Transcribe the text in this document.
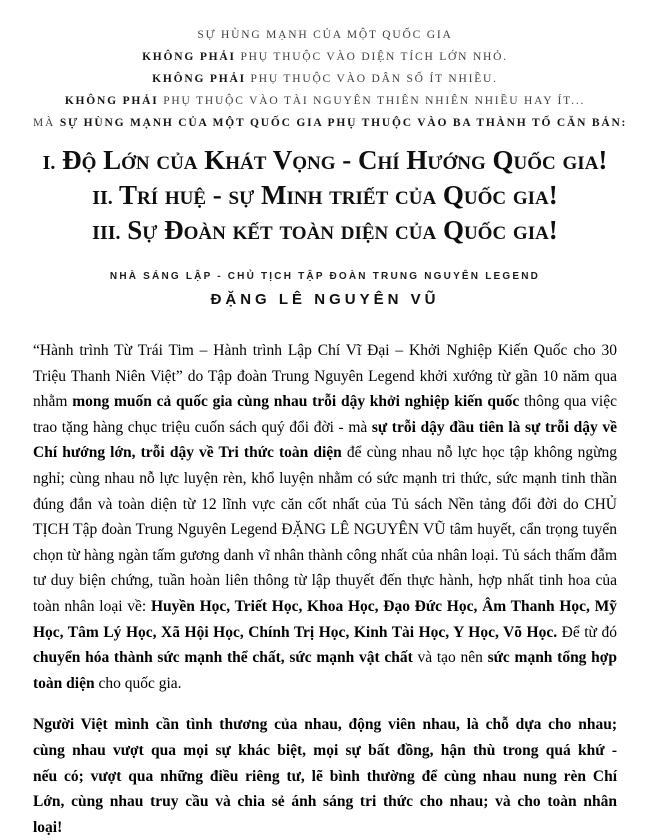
SỰ HÙNG MẠNH CỦA MỘT QUỐC GIA
KHÔNG PHẢI PHỤ THUỘC VÀO DIỆN TÍCH LỚN NHỎ.
KHÔNG PHẢI PHỤ THUỘC VÀO DÂN SỐ ÍT NHIỀU.
KHÔNG PHẢI PHỤ THUỘC VÀO TÀI NGUYÊN THIÊN NHIÊN NHIỀU HAY ÍT...
MÀ SỰ HÙNG MẠNH CỦA MỘT QUỐC GIA PHỤ THUỘC VÀO BA THÀNH TỐ CĂN BẢN:
I. Độ Lớn của Khát Vọng - Chí Hướng Quốc gia!
II. Trí huệ - sự Minh triết của Quốc gia!
III. Sự Đoàn kết toàn diện của Quốc gia!
NHÀ SÁNG LẬP - CHỦ TỊCH TẬP ĐOÀN TRUNG NGUYÊN LEGEND
ĐẶNG LÊ NGUYÊN VŨ
“Hành trình Từ Trái Tim – Hành trình Lập Chí Vĩ Đại – Khởi Nghiệp Kiến Quốc cho 30 Triệu Thanh Niên Việt” do Tập đoàn Trung Nguyên Legend khởi xướng từ gần 10 năm qua nhằm mong muốn cả quốc gia cùng nhau trỗi dậy khởi nghiệp kiến quốc thông qua việc trao tặng hàng chục triệu cuốn sách quý đổi đời - mà sự trỗi dậy đầu tiên là sự trỗi dậy về Chí hướng lớn, trỗi dậy về Tri thức toàn diện để cùng nhau nỗ lực học tập không ngừng nghỉ; cùng nhau nỗ lực luyện rèn, khổ luyện nhằm có sức mạnh tri thức, sức mạnh tinh thần đúng đắn và toàn diện từ 12 lĩnh vực căn cốt nhất của Tủ sách Nền tảng đổi đời do CHỦ TỊCH Tập đoàn Trung Nguyên Legend ĐẶNG LÊ NGUYÊN VŨ tâm huyết, cẩn trọng tuyển chọn từ hàng ngàn tấm gương danh vĩ nhân thành công nhất của nhân loại. Tủ sách thấm đẫm tư duy biện chứng, tuần hoàn liên thông từ lập thuyết đến thực hành, hợp nhất tinh hoa của toàn nhân loại về: Huyền Học, Triết Học, Khoa Học, Đạo Đức Học, Âm Thanh Học, Mỹ Học, Tâm Lý Học, Xã Hội Học, Chính Trị Học, Kinh Tài Học, Y Học, Võ Học. Để từ đó chuyển hóa thành sức mạnh thể chất, sức mạnh vật chất và tạo nên sức mạnh tổng hợp toàn diện cho quốc gia.
Người Việt mình cần tình thương của nhau, động viên nhau, là chỗ dựa cho nhau; cùng nhau vượt qua mọi sự khác biệt, mọi sự bất đồng, hận thù trong quá khứ - nếu có; vượt qua những điều riêng tư, lẽ bình thường để cùng nhau nung rèn Chí Lớn, cùng nhau truy cầu và chia sẻ ánh sáng tri thức cho nhau; và cho toàn nhân loại!
